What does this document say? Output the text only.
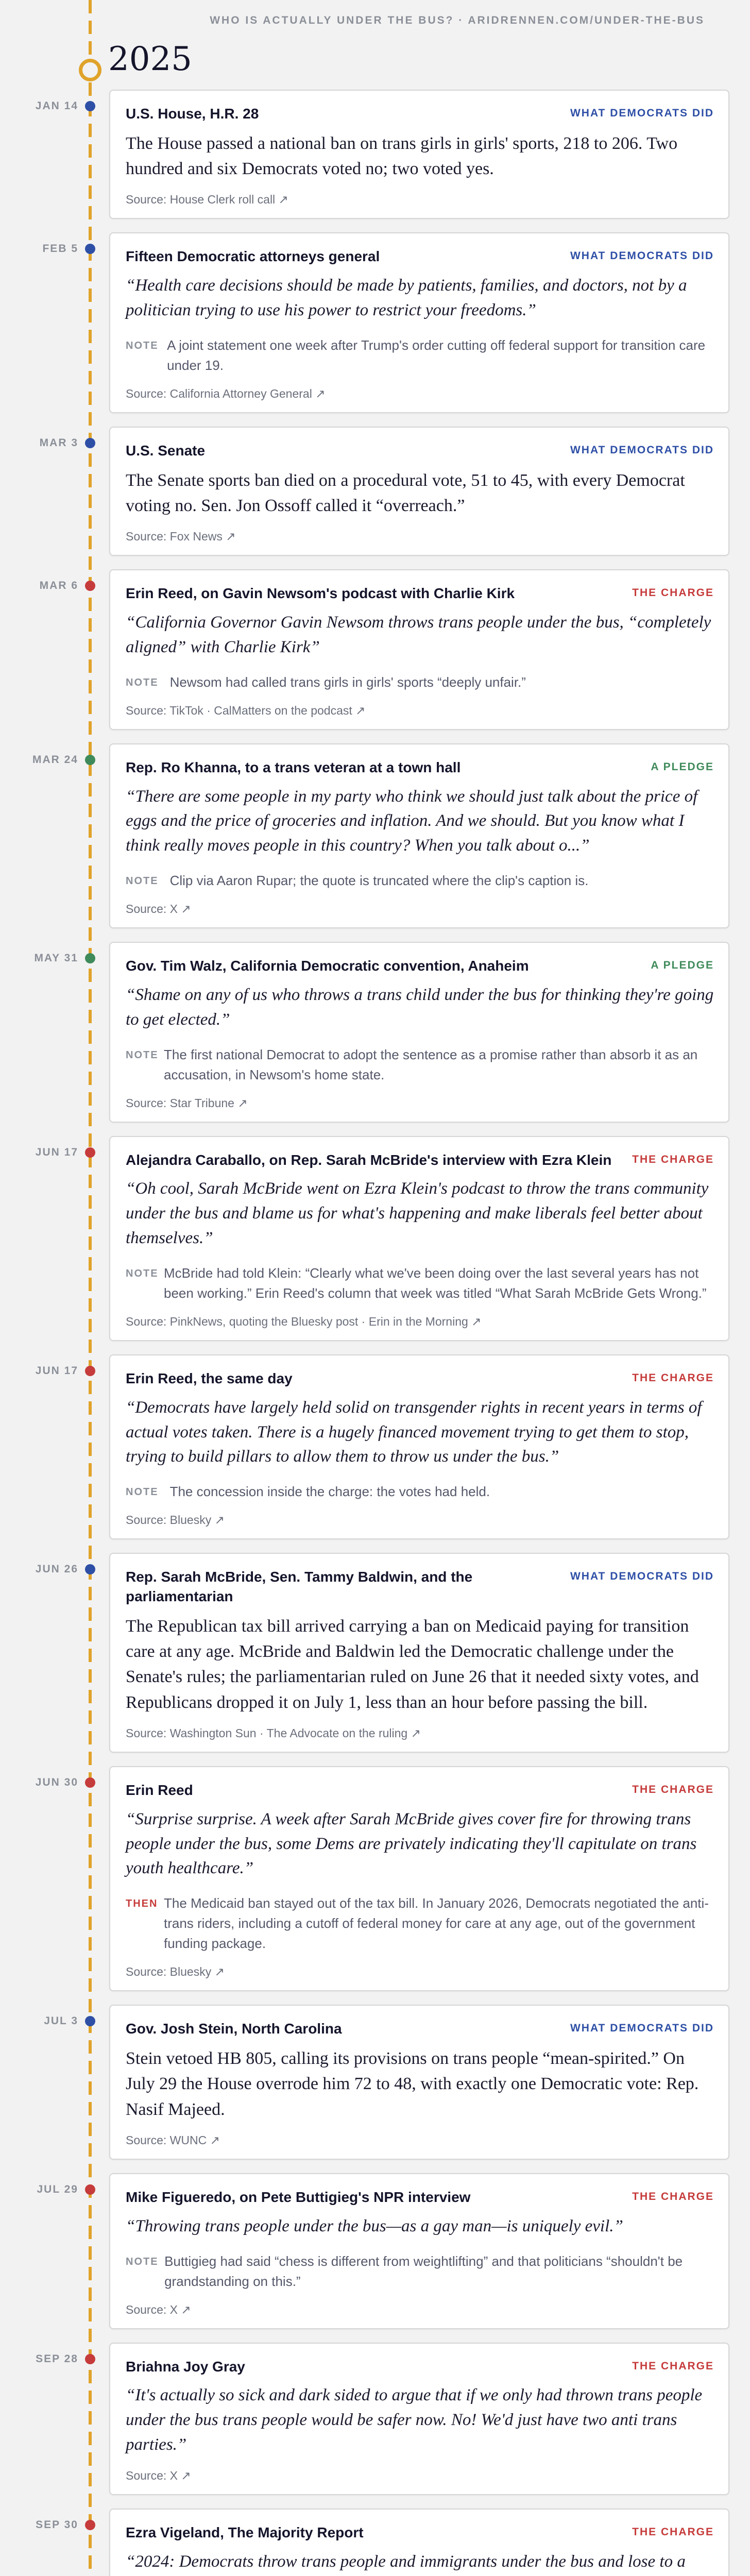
WHO IS ACTUALLY UNDER THE BUS? · ARIDRENNEN.COM/UNDER-THE-BUS
2025
JAN 14	U.S. House, H.R. 28	WHAT DEMOCRATS DID
The House passed a national ban on trans girls in girls' sports, 218 to 206. Two hundred and six Democrats voted no; two voted yes.
Source: House Clerk roll call ↗
FEB 5	Fifteen Democratic attorneys general	WHAT DEMOCRATS DID
“Health care decisions should be made by patients, families, and doctors, not by a politician trying to use his power to restrict your freedoms.”
NOTE A joint statement one week after Trump's order cutting off federal support for transition care under 19.
Source: California Attorney General ↗
MAR 3	U.S. Senate	WHAT DEMOCRATS DID
The Senate sports ban died on a procedural vote, 51 to 45, with every Democrat voting no. Sen. Jon Ossoff called it “overreach.”
Source: Fox News ↗
MAR 6	Erin Reed, on Gavin Newsom's podcast with Charlie Kirk	THE CHARGE
“California Governor Gavin Newsom throws trans people under the bus, “completely aligned” with Charlie Kirk”
NOTE Newsom had called trans girls in girls' sports “deeply unfair.”
Source: TikTok · CalMatters on the podcast ↗
MAR 24	Rep. Ro Khanna, to a trans veteran at a town hall	A PLEDGE
“There are some people in my party who think we should just talk about the price of eggs and the price of groceries and inflation. And we should. But you know what I think really moves people in this country? When you talk about o...”
NOTE Clip via Aaron Rupar; the quote is truncated where the clip's caption is.
Source: X ↗
MAY 31	Gov. Tim Walz, California Democratic convention, Anaheim	A PLEDGE
“Shame on any of us who throws a trans child under the bus for thinking they're going to get elected.”
NOTE The first national Democrat to adopt the sentence as a promise rather than absorb it as an accusation, in Newsom's home state.
Source: Star Tribune ↗
JUN 17	Alejandra Caraballo, on Rep. Sarah McBride's interview with Ezra Klein THE CHARGE
“Oh cool, Sarah McBride went on Ezra Klein's podcast to throw the trans community under the bus and blame us for what's happening and make liberals feel better about themselves.”
NOTE McBride had told Klein: “Clearly what we've been doing over the last several years has not been working.” Erin Reed's column that week was titled “What Sarah McBride Gets Wrong.”
Source: PinkNews, quoting the Bluesky post · Erin in the Morning ↗
JUN 17	Erin Reed, the same day	THE CHARGE
“Democrats have largely held solid on transgender rights in recent years in terms of actual votes taken. There is a hugely financed movement trying to get them to stop, trying to build pillars to allow them to throw us under the bus.”
NOTE The concession inside the charge: the votes had held.
Source: Bluesky ↗
JUN 26	Rep. Sarah McBride, Sen. Tammy Baldwin, and the parliamentarian
WHAT DEMOCRATS DID
The Republican tax bill arrived carrying a ban on Medicaid paying for transition care at any age. McBride and Baldwin led the Democratic challenge under the Senate's rules; the parliamentarian ruled on June 26 that it needed sixty votes, and Republicans dropped it on July 1, less than an hour before passing the bill.
Source: Washington Sun · The Advocate on the ruling ↗
JUN 30	Erin Reed	THE CHARGE
“Surprise surprise. A week after Sarah McBride gives cover fire for throwing trans people under the bus, some Dems are privately indicating they'll capitulate on trans youth healthcare.”
THEN The Medicaid ban stayed out of the tax bill. In January 2026, Democrats negotiated the anti-trans riders, including a cutoff of federal money for care at any age, out of the government funding package.
Source: Bluesky ↗
JUL 3	Gov. Josh Stein, North Carolina	WHAT DEMOCRATS DID
Stein vetoed HB 805, calling its provisions on trans people “mean-spirited.” On July 29 the House overrode him 72 to 48, with exactly one Democratic vote: Rep. Nasif Majeed.
Source: WUNC ↗
JUL 29	Mike Figueredo, on Pete Buttigieg's NPR interview	THE CHARGE
“Throwing trans people under the bus—as a gay man—is uniquely evil.”
NOTE Buttigieg had said “chess is different from weightlifting” and that politicians “shouldn't be grandstanding on this.”
Source: X ↗
SEP 28	Briahna Joy Gray	THE CHARGE
“It's actually so sick and dark sided to argue that if we only had thrown trans people under the bus trans people would be safer now. No! We'd just have two anti trans parties.”
Source: X ↗
SEP 30	Ezra Vigeland, The Majority Report	THE CHARGE
“2024: Democrats throw trans people and immigrants under the bus and lose to a
